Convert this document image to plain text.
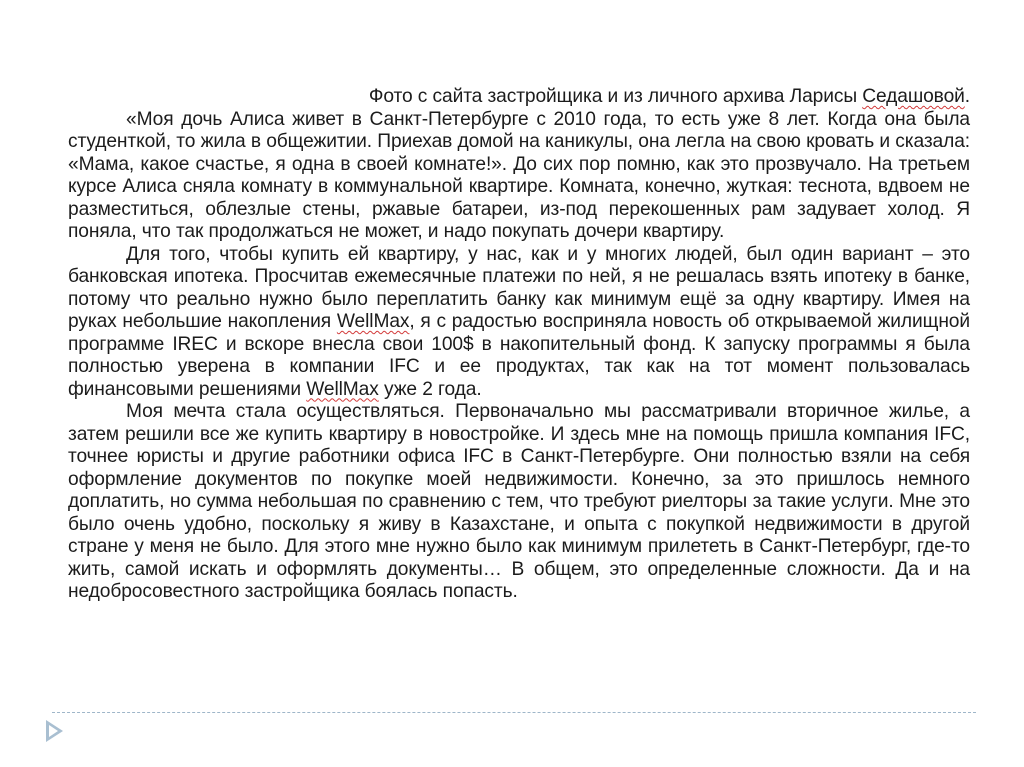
Фото с сайта застройщика и из личного архива Ларисы Седашовой.

«Моя дочь Алиса живет в Санкт-Петербурге с 2010 года, то есть уже 8 лет. Когда она была студенткой, то жила в общежитии. Приехав домой на каникулы, она легла на свою кровать и сказала: «Мама, какое счастье, я одна в своей комнате!». До сих пор помню, как это прозвучало. На третьем курсе Алиса сняла комнату в коммунальной квартире. Комната, конечно, жуткая: теснота, вдвоем не разместиться, облезлые стены, ржавые батареи, из-под перекошенных рам задувает холод. Я поняла, что так продолжаться не может, и надо покупать дочери квартиру.

Для того, чтобы купить ей квартиру, у нас, как и у многих людей, был один вариант – это банковская ипотека. Просчитав ежемесячные платежи по ней, я не решалась взять ипотеку в банке, потому что реально нужно было переплатить банку как минимум ещё за одну квартиру. Имея на руках небольшие накопления WellMax, я с радостью восприняла новость об открываемой жилищной программе IREC и вскоре внесла свои 100$ в накопительный фонд. К запуску программы я была полностью уверена в компании IFC и ее продуктах, так как на тот момент пользовалась финансовыми решениями WellMax уже 2 года.

Моя мечта стала осуществляться. Первоначально мы рассматривали вторичное жилье, а затем решили все же купить квартиру в новостройке. И здесь мне на помощь пришла компания IFC, точнее юристы и другие работники офиса IFC в Санкт-Петербурге. Они полностью взяли на себя оформление документов по покупке моей недвижимости. Конечно, за это пришлось немного доплатить, но сумма небольшая по сравнению с тем, что требуют риелторы за такие услуги. Мне это было очень удобно, поскольку я живу в Казахстане, и опыта с покупкой недвижимости в другой стране у меня не было. Для этого мне нужно было как минимум прилететь в Санкт-Петербург, где-то жить, самой искать и оформлять документы… В общем, это определенные сложности. Да и на недобросовестного застройщика боялась попасть.
